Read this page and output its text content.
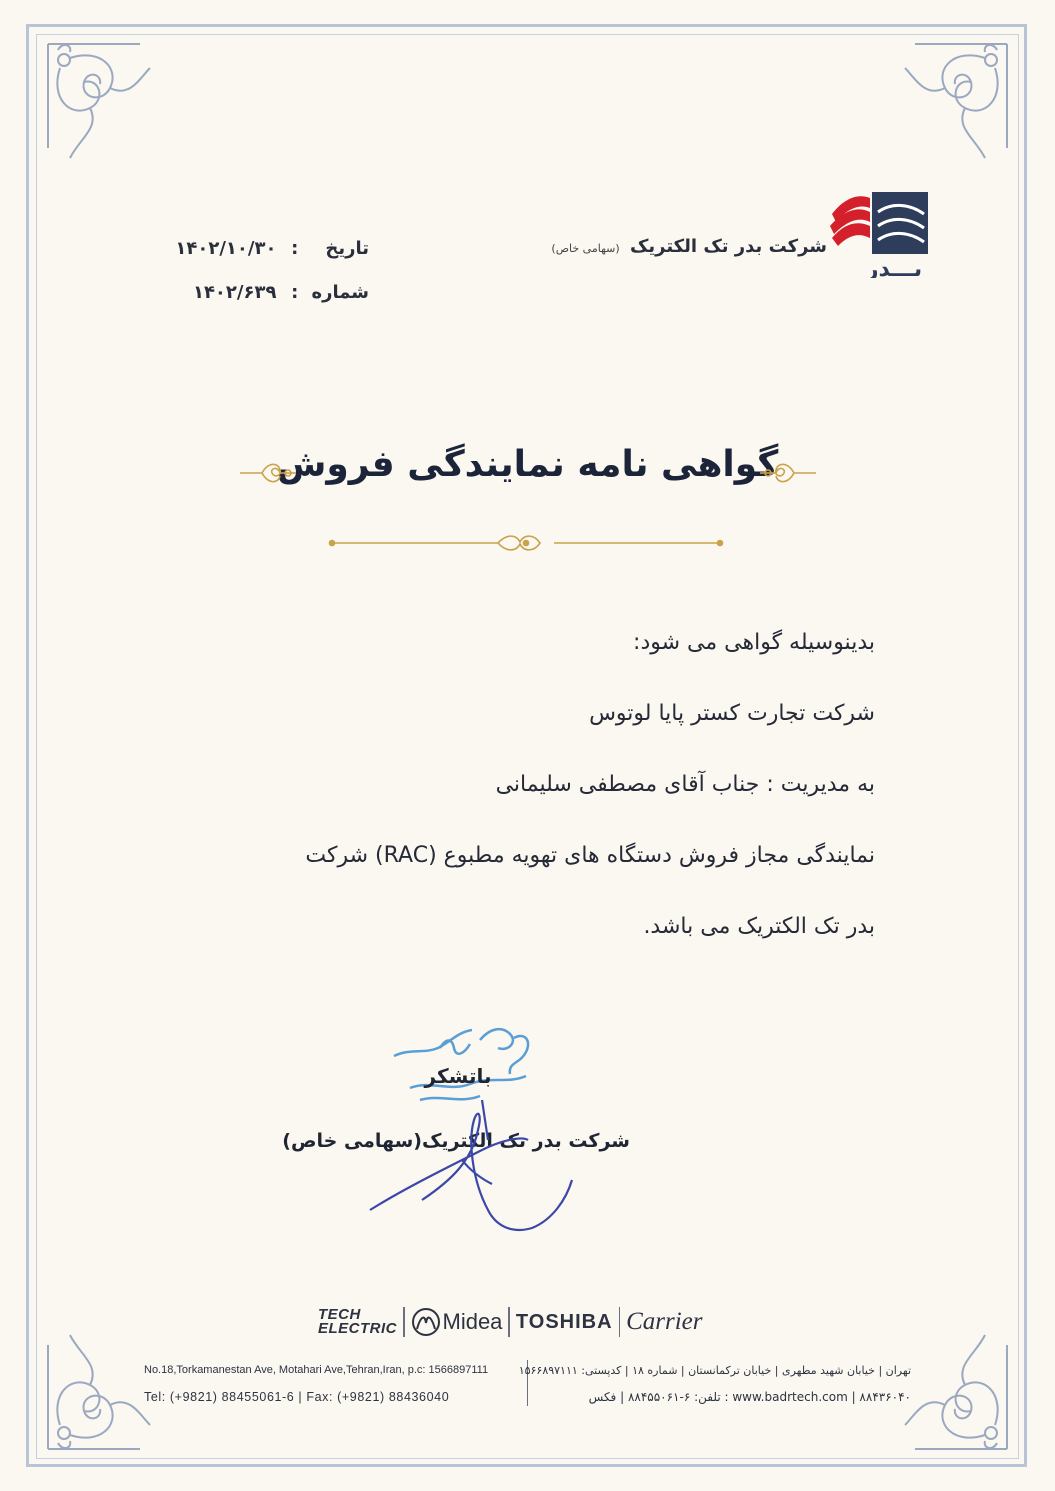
بـــدر
شرکت بدر تک الکتریک (سهامی خاص)
تاریخ : ۱۴۰۲/۱۰/۳۰
شماره : ۱۴۰۲/۶۳۹
گواهی نامه نمایندگی فروش
بدینوسیله گواهی می شود:
شرکت تجارت کستر پایا لوتوس
به مدیریت : جناب آقای مصطفی سلیمانی
نمایندگی مجاز فروش دستگاه های تهویه مطبوع (RAC) شرکت
بدر تک الکتریک می باشد.
باتشکر
شرکت بدر تک الکتریک(سهامی خاص)
TECH
ELECTRIC Midea TOSHIBA Carrier
No.18,Torkamanestan Ave, Motahari Ave,Tehran,Iran, p.c: 1566897111
Tel: (+9821) 88455061-6 | Fax: (+9821) 88436040
تهران | خیابان شهید مطهری | خیابان ترکمانستان | شماره ۱۸ | کدپستی: ۱۵۶۶۸۹۷۱۱۱
www.badrtech.com | ۸۸۴۳۶۰۴۰ : تلفن: ۶-۸۸۴۵۵۰۶۱ | فکس
